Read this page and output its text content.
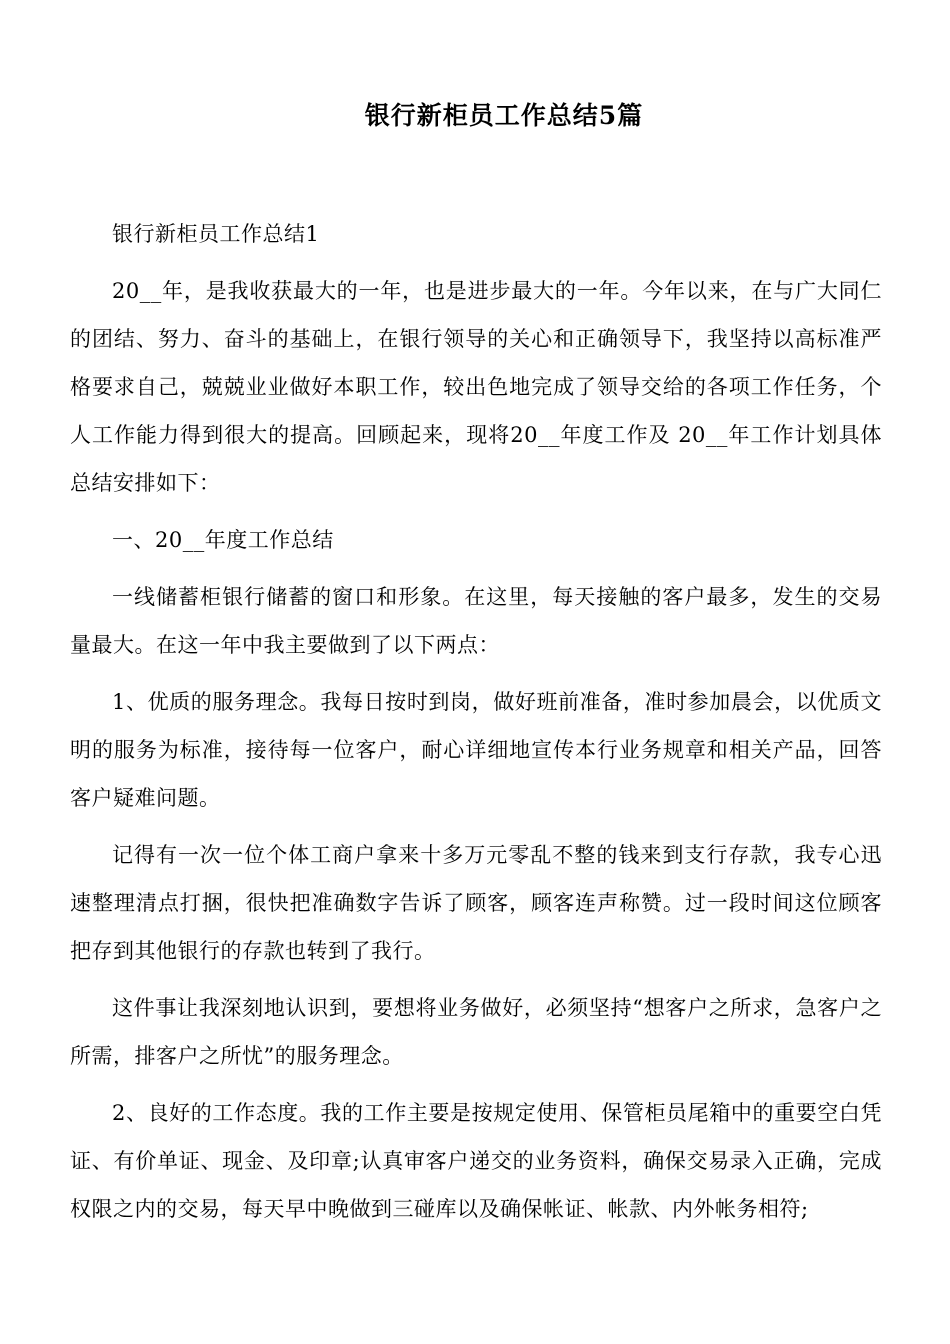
银行新柜员工作总结5篇

银行新柜员工作总结1

20__年，是我收获最大的一年，也是进步最大的一年。今年以来，在与广大同仁的团结、努力、奋斗的基础上，在银行领导的关心和正确领导下，我坚持以高标准严格要求自己，兢兢业业做好本职工作，较出色地完成了领导交给的各项工作任务，个人工作能力得到很大的提高。回顾起来，现将20__年度工作及 20__年工作计划具体总结安排如下：

一、20__年度工作总结

一线储蓄柜银行储蓄的窗口和形象。在这里，每天接触的客户最多，发生的交易量最大。在这一年中我主要做到了以下两点：

1、优质的服务理念。我每日按时到岗，做好班前准备，准时参加晨会，以优质文明的服务为标准，接待每一位客户，耐心详细地宣传本行业务规章和相关产品，回答客户疑难问题。

记得有一次一位个体工商户拿来十多万元零乱不整的钱来到支行存款，我专心迅速整理清点打捆，很快把准确数字告诉了顾客，顾客连声称赞。过一段时间这位顾客把存到其他银行的存款也转到了我行。

这件事让我深刻地认识到，要想将业务做好，必须坚持“想客户之所求，急客户之所需，排客户之所忧”的服务理念。

2、良好的工作态度。我的工作主要是按规定使用、保管柜员尾箱中的重要空白凭证、有价单证、现金、及印章;认真审客户递交的业务资料，确保交易录入正确，完成权限之内的交易，每天早中晚做到三碰库以及确保帐证、帐款、内外帐务相符;
